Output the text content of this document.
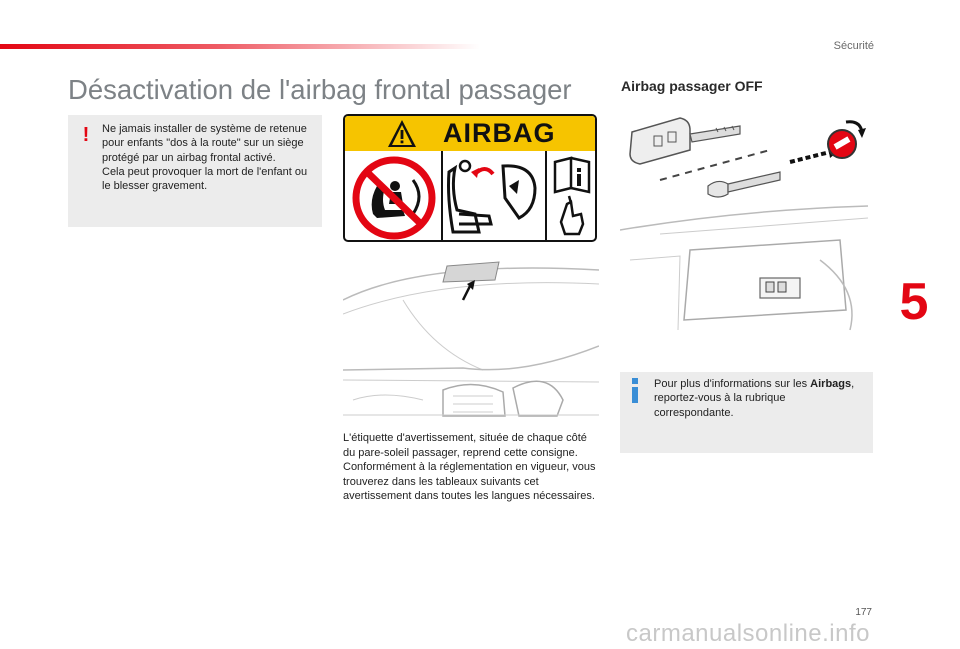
Sécurité
5
Désactivation de l'airbag frontal passager	Airbag passager OFF
! Ne jamais installer de système de retenue pour enfants "dos à la route" sur un siège protégé par un airbag frontal activé.
Cela peut provoquer la mort de l'enfant ou le blesser gravement.

AIRBAG

Pour plus d'informations sur les Airbags, reportez-vous à la rubrique correspondante.

L'étiquette d'avertissement, située de chaque côté du pare-soleil passager, reprend cette consigne.
Conformément à la réglementation en vigueur, vous trouverez dans les tableaux suivants cet avertissement dans toutes les langues nécessaires.

177
carmanualsonline.info
